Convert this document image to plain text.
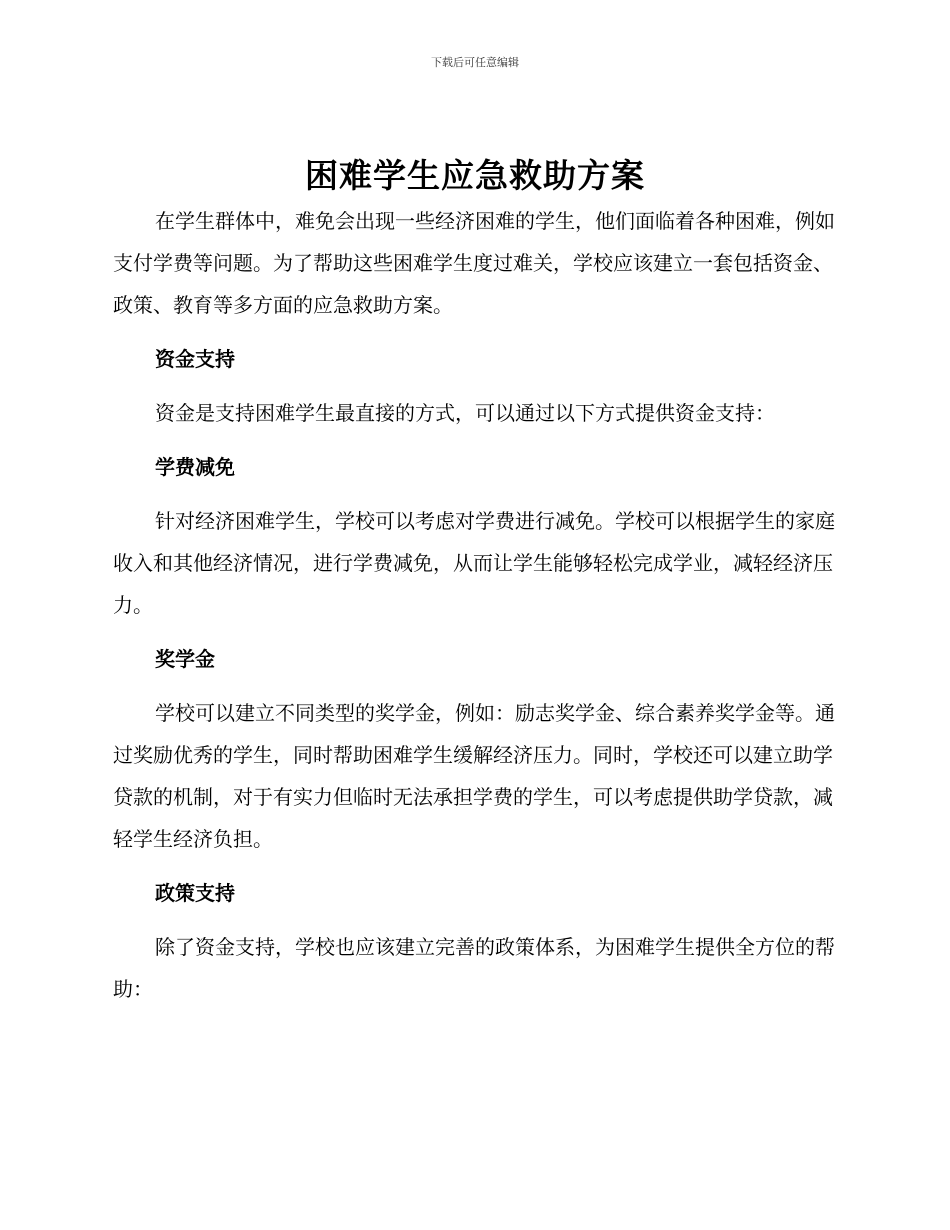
下载后可任意编辑
困难学生应急救助方案

在学生群体中，难免会出现一些经济困难的学生，他们面临着各种困难，例如支付学费等问题。为了帮助这些困难学生度过难关，学校应该建立一套包括资金、政策、教育等多方面的应急救助方案。

资金支持

资金是支持困难学生最直接的方式，可以通过以下方式提供资金支持：

学费减免

针对经济困难学生，学校可以考虑对学费进行减免。学校可以根据学生的家庭收入和其他经济情况，进行学费减免，从而让学生能够轻松完成学业，减轻经济压力。

奖学金

学校可以建立不同类型的奖学金，例如：励志奖学金、综合素养奖学金等。通过奖励优秀的学生，同时帮助困难学生缓解经济压力。同时，学校还可以建立助学贷款的机制，对于有实力但临时无法承担学费的学生，可以考虑提供助学贷款，减轻学生经济负担。

政策支持

除了资金支持，学校也应该建立完善的政策体系，为困难学生提供全方位的帮助：
